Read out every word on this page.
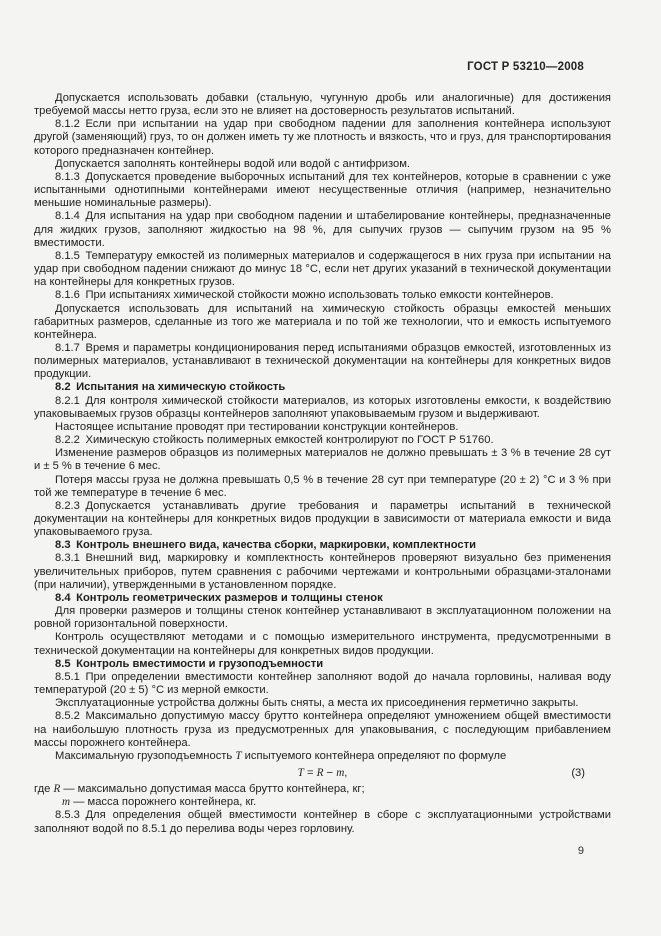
ГОСТ Р 53210—2008

Допускается использовать добавки (стальную, чугунную дробь или аналогичные) для достижения требуемой массы нетто груза, если это не влияет на достоверность результатов испытаний.

8.1.2 Если при испытании на удар при свободном падении для заполнения контейнера используют другой (заменяющий) груз, то он должен иметь ту же плотность и вязкость, что и груз, для транспортирования которого предназначен контейнер.

Допускается заполнять контейнеры водой или водой с антифризом.

8.1.3 Допускается проведение выборочных испытаний для тех контейнеров, которые в сравнении с уже испытанными однотипными контейнерами имеют несущественные отличия (например, незначительно меньшие номинальные размеры).

8.1.4 Для испытания на удар при свободном падении и штабелирование контейнеры, предназначенные для жидких грузов, заполняют жидкостью на 98 %, для сыпучих грузов — сыпучим грузом на 95 % вместимости.

8.1.5 Температуру емкостей из полимерных материалов и содержащегося в них груза при испытании на удар при свободном падении снижают до минус 18 °С, если нет других указаний в технической документации на контейнеры для конкретных грузов.

8.1.6 При испытаниях химической стойкости можно использовать только емкости контейнеров.

Допускается использовать для испытаний на химическую стойкость образцы емкостей меньших габаритных размеров, сделанные из того же материала и по той же технологии, что и емкость испытуемого контейнера.

8.1.7 Время и параметры кондиционирования перед испытаниями образцов емкостей, изготовленных из полимерных материалов, устанавливают в технической документации на контейнеры для конкретных видов продукции.

8.2 Испытания на химическую стойкость

8.2.1 Для контроля химической стойкости материалов, из которых изготовлены емкости, к воздействию упаковываемых грузов образцы контейнеров заполняют упаковываемым грузом и выдерживают.

Настоящее испытание проводят при тестировании конструкции контейнеров.

8.2.2 Химическую стойкость полимерных емкостей контролируют по ГОСТ Р 51760.

Изменение размеров образцов из полимерных материалов не должно превышать ± 3 % в течение 28 сут и ± 5 % в течение 6 мес.

Потеря массы груза не должна превышать 0,5 % в течение 28 сут при температуре (20 ± 2) °С и 3 % при той же температуре в течение 6 мес.

8.2.3 Допускается устанавливать другие требования и параметры испытаний в технической документации на контейнеры для конкретных видов продукции в зависимости от материала емкости и вида упаковываемого груза.

8.3 Контроль внешнего вида, качества сборки, маркировки, комплектности

8.3.1 Внешний вид, маркировку и комплектность контейнеров проверяют визуально без применения увеличительных приборов, путем сравнения с рабочими чертежами и контрольными образцами-эталонами (при наличии), утвержденными в установленном порядке.

8.4 Контроль геометрических размеров и толщины стенок

Для проверки размеров и толщины стенок контейнер устанавливают в эксплуатационном положении на ровной горизонтальной поверхности.

Контроль осуществляют методами и с помощью измерительного инструмента, предусмотренными в технической документации на контейнеры для конкретных видов продукции.

8.5 Контроль вместимости и грузоподъемности

8.5.1 При определении вместимости контейнер заполняют водой до начала горловины, наливая воду температурой (20 ± 5) °С из мерной емкости.

Эксплуатационные устройства должны быть сняты, а места их присоединения герметично закрыты.

8.5.2 Максимально допустимую массу брутто контейнера определяют умножением общей вместимости на наибольшую плотность груза из предусмотренных для упаковывания, с последующим прибавлением массы порожнего контейнера.

Максимальную грузоподъемность Т испытуемого контейнера определяют по формуле

T = R − m,	(3)

где R — максимально допустимая масса брутто контейнера, кг;

m — масса порожнего контейнера, кг.

8.5.3 Для определения общей вместимости контейнер в сборе с эксплуатационными устройствами заполняют водой по 8.5.1 до перелива воды через горловину.

9
